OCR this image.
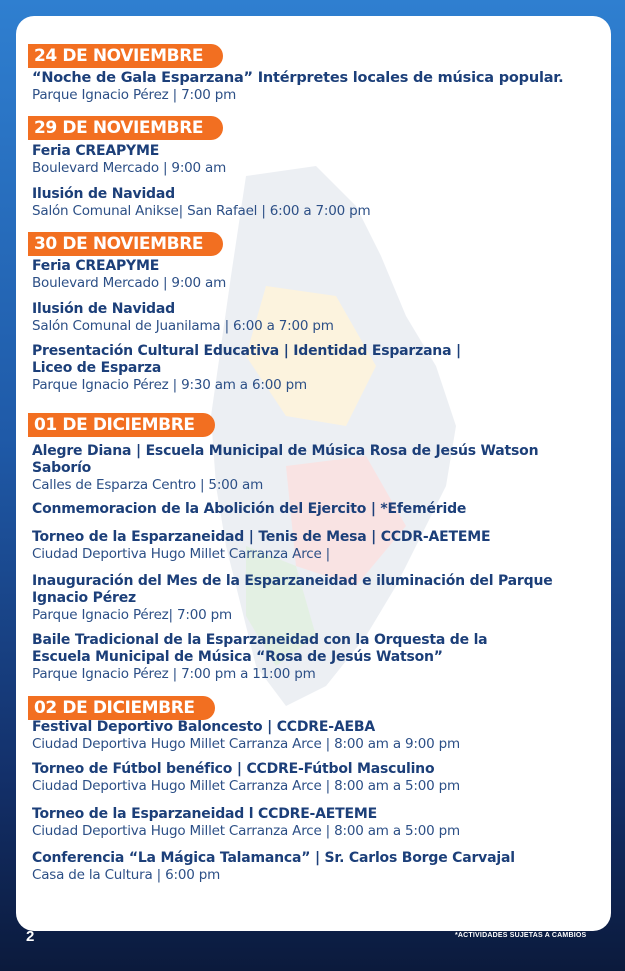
24 DE NOVIEMBRE
“Noche de Gala Esparzana” Intérpretes locales de música popular.
Parque Ignacio Pérez | 7:00 pm
29 DE NOVIEMBRE
Feria CREAPYME
Boulevard Mercado | 9:00 am
Ilusión de Navidad
Salón Comunal Anikse| San Rafael | 6:00 a 7:00 pm
30 DE NOVIEMBRE
Feria CREAPYME
Boulevard Mercado | 9:00 am
Ilusión de Navidad
Salón Comunal de Juanilama | 6:00 a 7:00 pm
Presentación Cultural Educativa | Identidad Esparzana |
Liceo de Esparza
Parque Ignacio Pérez | 9:30 am a 6:00 pm
01 DE DICIEMBRE
Alegre Diana | Escuela Municipal de Música Rosa de Jesús Watson
Saborío
Calles de Esparza Centro | 5:00 am
Conmemoracion de la Abolición del Ejercito | *Efeméride
Torneo de la Esparzaneidad | Tenis de Mesa | CCDR-AETEME
Ciudad Deportiva Hugo Millet Carranza Arce |
Inauguración del Mes de la Esparzaneidad e iluminación del Parque
Ignacio Pérez
Parque Ignacio Pérez| 7:00 pm
Baile Tradicional de la Esparzaneidad con la Orquesta de la
Escuela Municipal de Música “Rosa de Jesús Watson”
Parque Ignacio Pérez | 7:00 pm a 11:00 pm
02 DE DICIEMBRE
Festival Deportivo Baloncesto | CCDRE-AEBA
Ciudad Deportiva Hugo Millet Carranza Arce | 8:00 am a 9:00 pm
Torneo de Fútbol benéfico | CCDRE-Fútbol Masculino
Ciudad Deportiva Hugo Millet Carranza Arce | 8:00 am a 5:00 pm
Torneo de la Esparzaneidad l CCDRE-AETEME
Ciudad Deportiva Hugo Millet Carranza Arce | 8:00 am a 5:00 pm
Conferencia “La Mágica Talamanca” | Sr. Carlos Borge Carvajal
Casa de la Cultura | 6:00 pm
2	*ACTIVIDADES SUJETAS A CAMBIOS
